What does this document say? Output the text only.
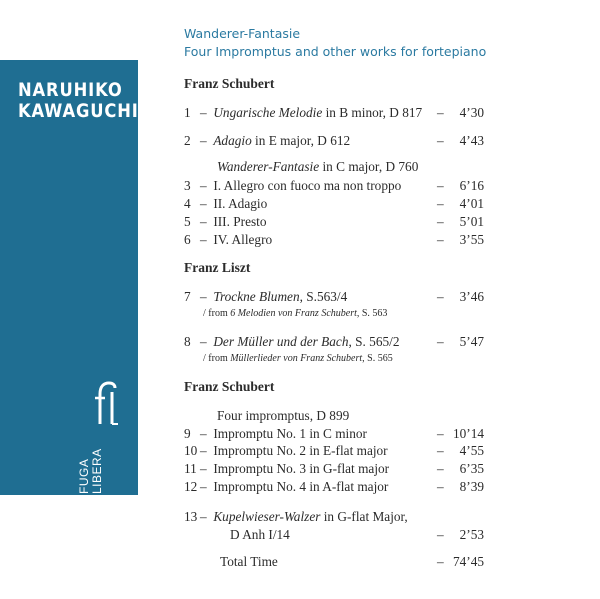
NARUHIKO
KAWAGUCHI
FUGA LIBERA
Wanderer-Fantasie
Four Impromptus and other works for fortepiano
Franz Schubert
1 – Ungarische Melodie in B minor, D 817 – 4’30
2 – Adagio in E major, D 612	– 4’43
Wanderer-Fantasie in C major, D 760
3 – I. Allegro con fuoco ma non troppo	– 6’16
4 – II. Adagio	– 4’01
5 – III. Presto	– 5’01
6 – IV. Allegro	– 3’55
Franz Liszt
7 – Trockne Blumen, S.563/4	– 3’46
/ from 6 Melodien von Franz Schubert, S. 563
8 – Der Müller und der Bach, S. 565/2	– 5’47
/ from Müllerlieder von Franz Schubert, S. 565
Franz Schubert
Four impromptus, D 899
9 – Impromptu No. 1 in C minor	– 10’14
10 – Impromptu No. 2 in E-flat major	– 4’55
11 – Impromptu No. 3 in G-flat major	– 6’35
12 – Impromptu No. 4 in A-flat major	– 8’39
13 – Kupelwieser-Walzer in G-flat Major,
D Anh I/14	– 2’53
Total Time	– 74’45
